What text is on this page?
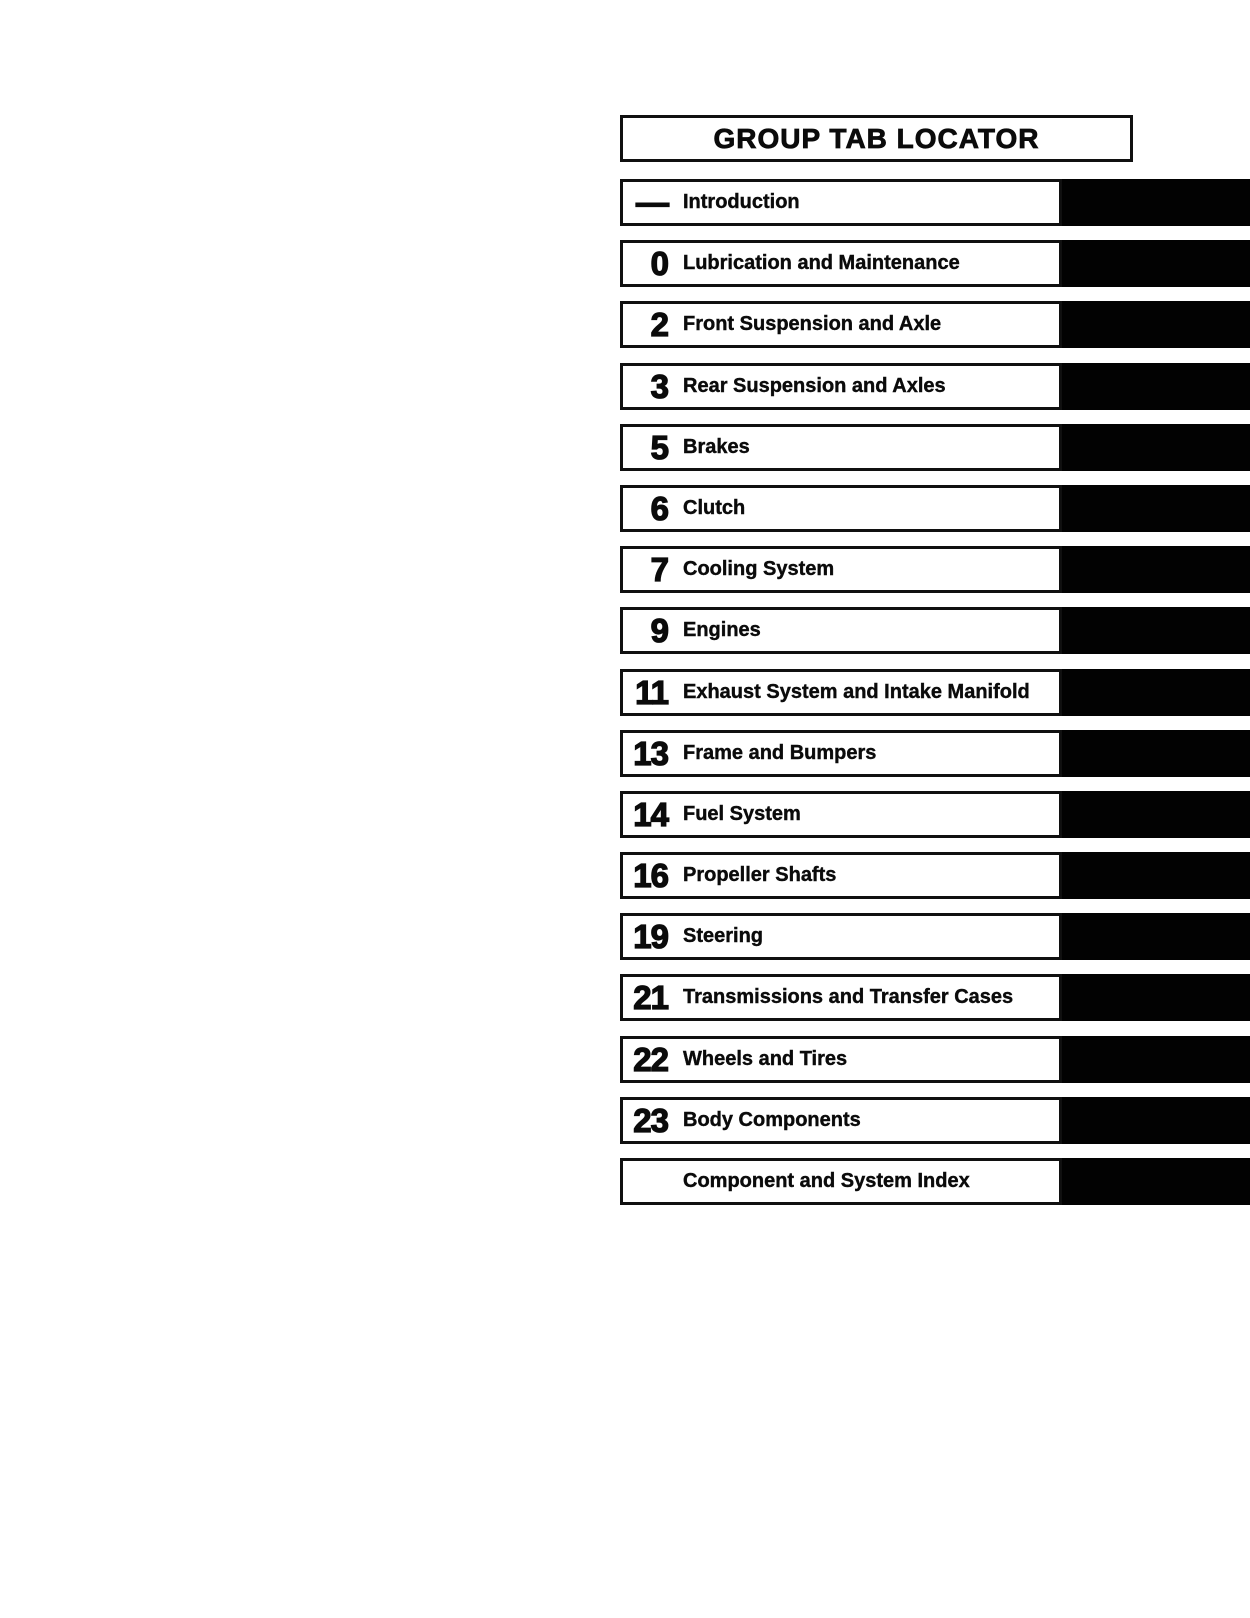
GROUP TAB LOCATOR
— Introduction
0 Lubrication and Maintenance
2 Front Suspension and Axle
3 Rear Suspension and Axles
5 Brakes
6 Clutch
7 Cooling System
9 Engines
11 Exhaust System and Intake Manifold
13 Frame and Bumpers
14 Fuel System
16 Propeller Shafts
19 Steering
21 Transmissions and Transfer Cases
22 Wheels and Tires
23 Body Components
Component and System Index
